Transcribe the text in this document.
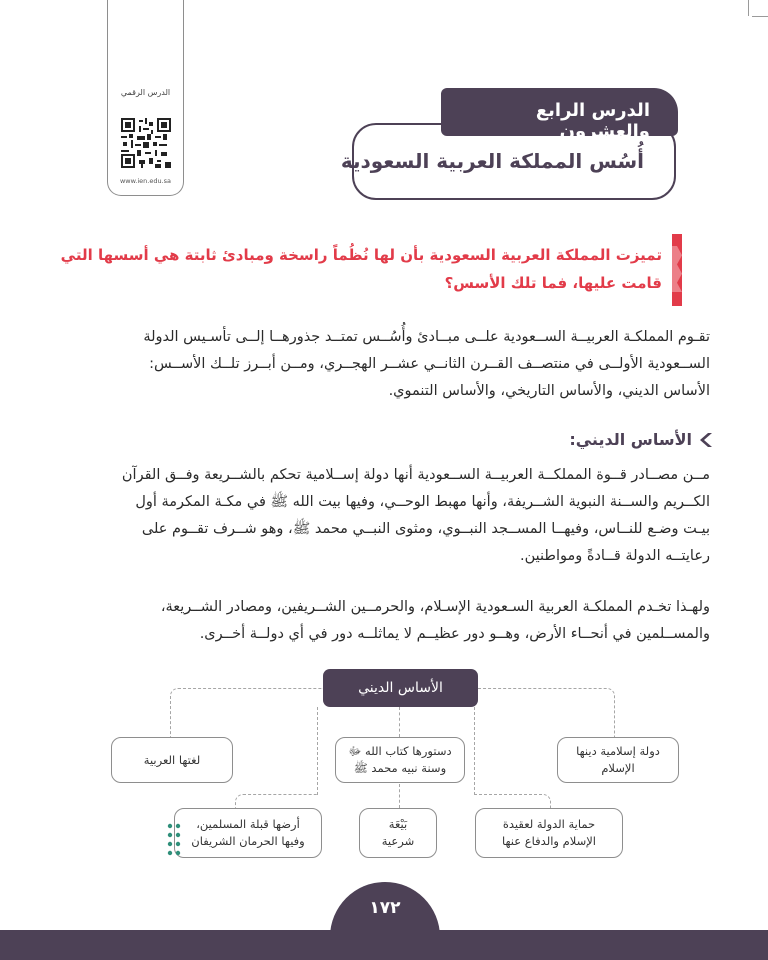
الدرس الرقمي
www.ien.edu.sa
الدرس الرابع والعشرون
أُسُس المملكة العربية السعودية
تميزت المملكة العربية السعودية بأن لها نُظُماً راسخة ومبادئ ثابتة هي أسسها التي
قامت عليها، فما تلك الأسس؟
تقـوم المملكـة العربيــة الســعودية علــى مبــادئ وأُسُــس تمتــد جذورهــا إلــى تأسـيس الدولة
الســعودية الأولــى في منتصــف القــرن الثانــي عشــر الهجــري، ومــن أبــرز تلــك الأســس:
الأساس الديني، والأساس التاريخي، والأساس التنموي.
الأساس الديني:
مــن مصــادر قــوة المملكــة العربيــة الســعودية أنها دولة إســلامية تحكم بالشــريعة وفــق القرآن
الكــريم والســنة النبوية الشــريفة، وأنها مهبط الوحــي، وفيها بيت الله ﷺ في مكـة المكرمة أول
بيـت وضـع للنــاس، وفيهــا المســجد النبــوي، ومثوى النبــي محمد ﷺ، وهو شــرف تقــوم على
رعايتــه الدولة قــادةً ومواطنين.
ولهـذا تخـدم المملكـة العربية السـعودية الإسـلام، والحرمــين الشــريفين، ومصادر الشــريعة،
والمســلمين في أنحــاء الأرض، وهــو دور عظيــم لا يماثلــه دور في أي دولــة أخــرى.
الأساس الديني
دولة إسلامية دينها
الإسلام
دستورها كتاب الله ﷻ
وسنة نبيه محمد ﷺ
لغتها العربية
حماية الدولة لعقيدة
الإسلام والدفاع عنها
بَيْعَة
شرعية
أرضها قبلة المسلمين،
وفيها الحرمان الشريفان
١٧٢
